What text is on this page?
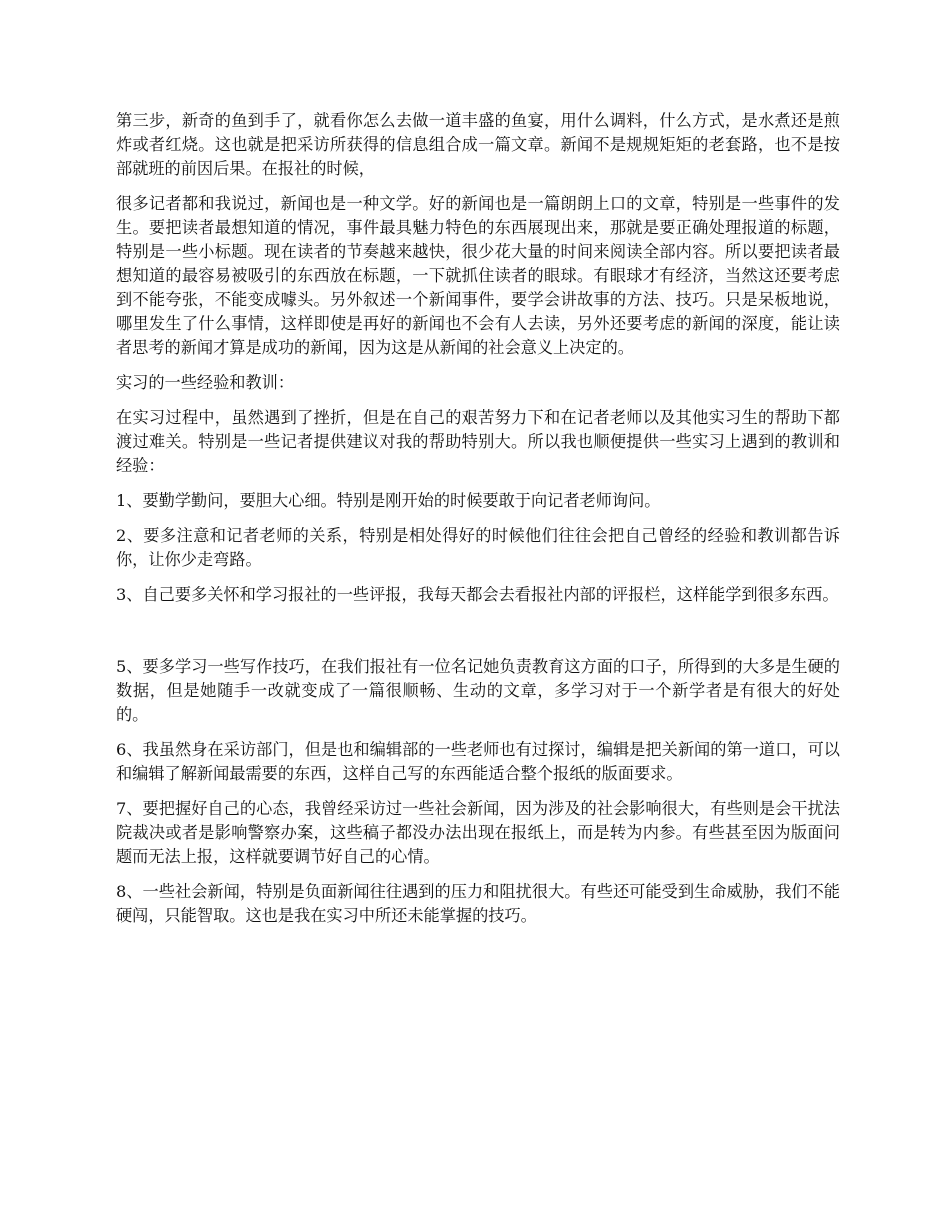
第三步，新奇的鱼到手了，就看你怎么去做一道丰盛的鱼宴，用什么调料，什么方式，是水煮还是煎炸或者红烧。这也就是把采访所获得的信息组合成一篇文章。新闻不是规规矩矩的老套路，也不是按部就班的前因后果。在报社的时候，

很多记者都和我说过，新闻也是一种文学。好的新闻也是一篇朗朗上口的文章，特别是一些事件的发生。要把读者最想知道的情况，事件最具魅力特色的东西展现出来，那就是要正确处理报道的标题，特别是一些小标题。现在读者的节奏越来越快，很少花大量的时间来阅读全部内容。所以要把读者最想知道的最容易被吸引的东西放在标题，一下就抓住读者的眼球。有眼球才有经济，当然这还要考虑到不能夸张，不能变成噱头。另外叙述一个新闻事件，要学会讲故事的方法、技巧。只是呆板地说，哪里发生了什么事情，这样即使是再好的新闻也不会有人去读，另外还要考虑的新闻的深度，能让读者思考的新闻才算是成功的新闻，因为这是从新闻的社会意义上决定的。

实习的一些经验和教训：

在实习过程中，虽然遇到了挫折，但是在自己的艰苦努力下和在记者老师以及其他实习生的帮助下都渡过难关。特别是一些记者提供建议对我的帮助特别大。所以我也顺便提供一些实习上遇到的教训和经验：

1、要勤学勤问，要胆大心细。特别是刚开始的时候要敢于向记者老师询问。

2、要多注意和记者老师的关系，特别是相处得好的时候他们往往会把自己曾经的经验和教训都告诉你，让你少走弯路。

3、自己要多关怀和学习报社的一些评报，我每天都会去看报社内部的评报栏，这样能学到很多东西。

5、要多学习一些写作技巧，在我们报社有一位名记她负责教育这方面的口子，所得到的大多是生硬的数据，但是她随手一改就变成了一篇很顺畅、生动的文章，多学习对于一个新学者是有很大的好处的。

6、我虽然身在采访部门，但是也和编辑部的一些老师也有过探讨，编辑是把关新闻的第一道口，可以和编辑了解新闻最需要的东西，这样自己写的东西能适合整个报纸的版面要求。

7、要把握好自己的心态，我曾经采访过一些社会新闻，因为涉及的社会影响很大，有些则是会干扰法院裁决或者是影响警察办案，这些稿子都没办法出现在报纸上，而是转为内参。有些甚至因为版面问题而无法上报，这样就要调节好自己的心情。

8、一些社会新闻，特别是负面新闻往往遇到的压力和阻扰很大。有些还可能受到生命威胁，我们不能硬闯，只能智取。这也是我在实习中所还未能掌握的技巧。
